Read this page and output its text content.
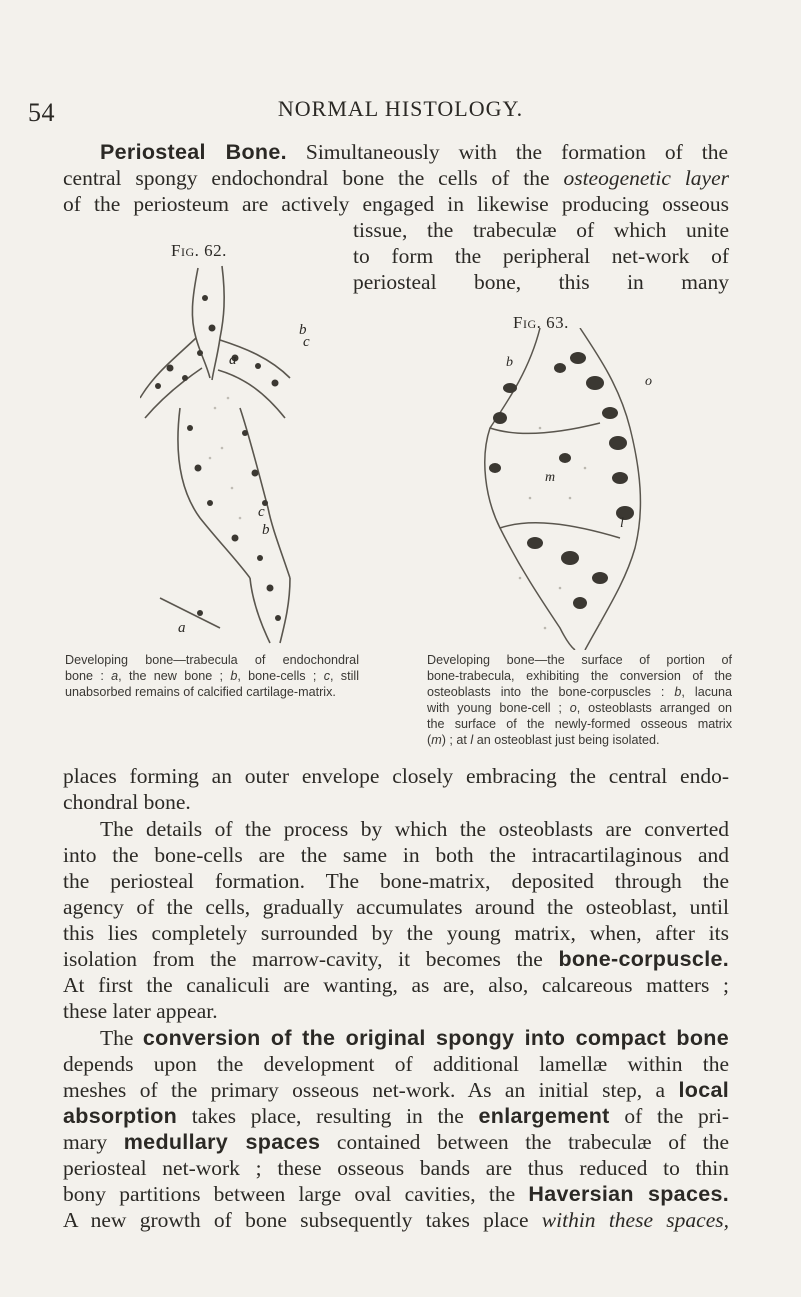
54	NORMAL HISTOLOGY.
Periosteal Bone. Simultaneously with the formation of the
central spongy endochondral bone the cells of the osteogenetic layer
of the periosteum are actively engaged in likewise producing osseous
tissue, the trabeculæ of which unite
to form the peripheral net-work of
periosteal bone, this in many
Fig. 62.
b
c
a
c
b
a
Fig. 63.
b
o
m
l
Developing bone—trabecula of endochondral
bone : a, the new bone ; b, bone-cells ; c, still
unabsorbed remains of calcified cartilage-matrix.
Developing bone—the surface of portion of
bone-trabecula, exhibiting the conversion of the
osteoblasts into the bone-corpuscles : b, lacuna
with young bone-cell ; o, osteoblasts arranged on
the surface of the newly-formed osseous matrix
(m) ; at l an osteoblast just being isolated.
places forming an outer envelope closely embracing the central endo-
chondral bone.
The details of the process by which the osteoblasts are converted
into the bone-cells are the same in both the intracartilaginous and
the periosteal formation. The bone-matrix, deposited through the
agency of the cells, gradually accumulates around the osteoblast, until
this lies completely surrounded by the young matrix, when, after its
isolation from the marrow-cavity, it becomes the bone-corpuscle.
At first the canaliculi are wanting, as are, also, calcareous matters ;
these later appear.
The conversion of the original spongy into compact bone
depends upon the development of additional lamellæ within the
meshes of the primary osseous net-work. As an initial step, a local
absorption takes place, resulting in the enlargement of the pri-
mary medullary spaces contained between the trabeculæ of the
periosteal net-work ; these osseous bands are thus reduced to thin
bony partitions between large oval cavities, the Haversian spaces.
A new growth of bone subsequently takes place within these spaces,
